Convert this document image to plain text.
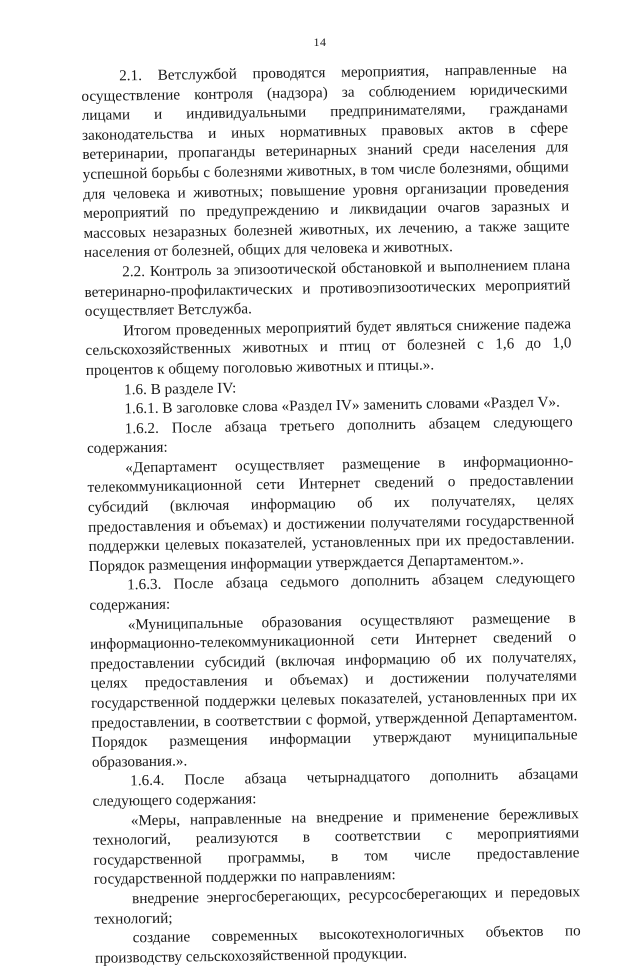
14

2.1. Ветслужбой проводятся мероприятия, направленные на осуществление контроля (надзора) за соблюдением юридическими лицами и индивидуальными предпринимателями, гражданами законодательства и иных нормативных правовых актов в сфере ветеринарии, пропаганды ветеринарных знаний среди населения для успешной борьбы с болезнями животных, в том числе болезнями, общими для человека и животных; повышение уровня организации проведения мероприятий по предупреждению и ликвидации очагов заразных и массовых незаразных болезней животных, их лечению, а также защите населения от болезней, общих для человека и животных.

2.2. Контроль за эпизоотической обстановкой и выполнением плана ветеринарно-профилактических и противоэпизоотических мероприятий осуществляет Ветслужба.

Итогом проведенных мероприятий будет являться снижение падежа сельскохозяйственных животных и птиц от болезней с 1,6 до 1,0 процентов к общему поголовью животных и птицы.».

1.6. В разделе IV:

1.6.1. В заголовке слова «Раздел IV» заменить словами «Раздел V».

1.6.2. После абзаца третьего дополнить абзацем следующего содержания:

«Департамент осуществляет размещение в информационно-телекоммуникационной сети Интернет сведений о предоставлении субсидий (включая информацию об их получателях, целях предоставления и объемах) и достижении получателями государственной поддержки целевых показателей, установленных при их предоставлении. Порядок размещения информации утверждается Департаментом.».

1.6.3. После абзаца седьмого дополнить абзацем следующего содержания:

«Муниципальные образования осуществляют размещение в информационно-телекоммуникационной сети Интернет сведений о предоставлении субсидий (включая информацию об их получателях, целях предоставления и объемах) и достижении получателями государственной поддержки целевых показателей, установленных при их предоставлении, в соответствии с формой, утвержденной Департаментом. Порядок размещения информации утверждают муниципальные образования.».

1.6.4. После абзаца четырнадцатого дополнить абзацами следующего содержания:

«Меры, направленные на внедрение и применение бережливых технологий, реализуются в соответствии с мероприятиями государственной программы, в том числе предоставление государственной поддержки по направлениям:

внедрение энергосберегающих, ресурсосберегающих и передовых технологий;

создание современных высокотехнологичных объектов по производству сельскохозяйственной продукции.
